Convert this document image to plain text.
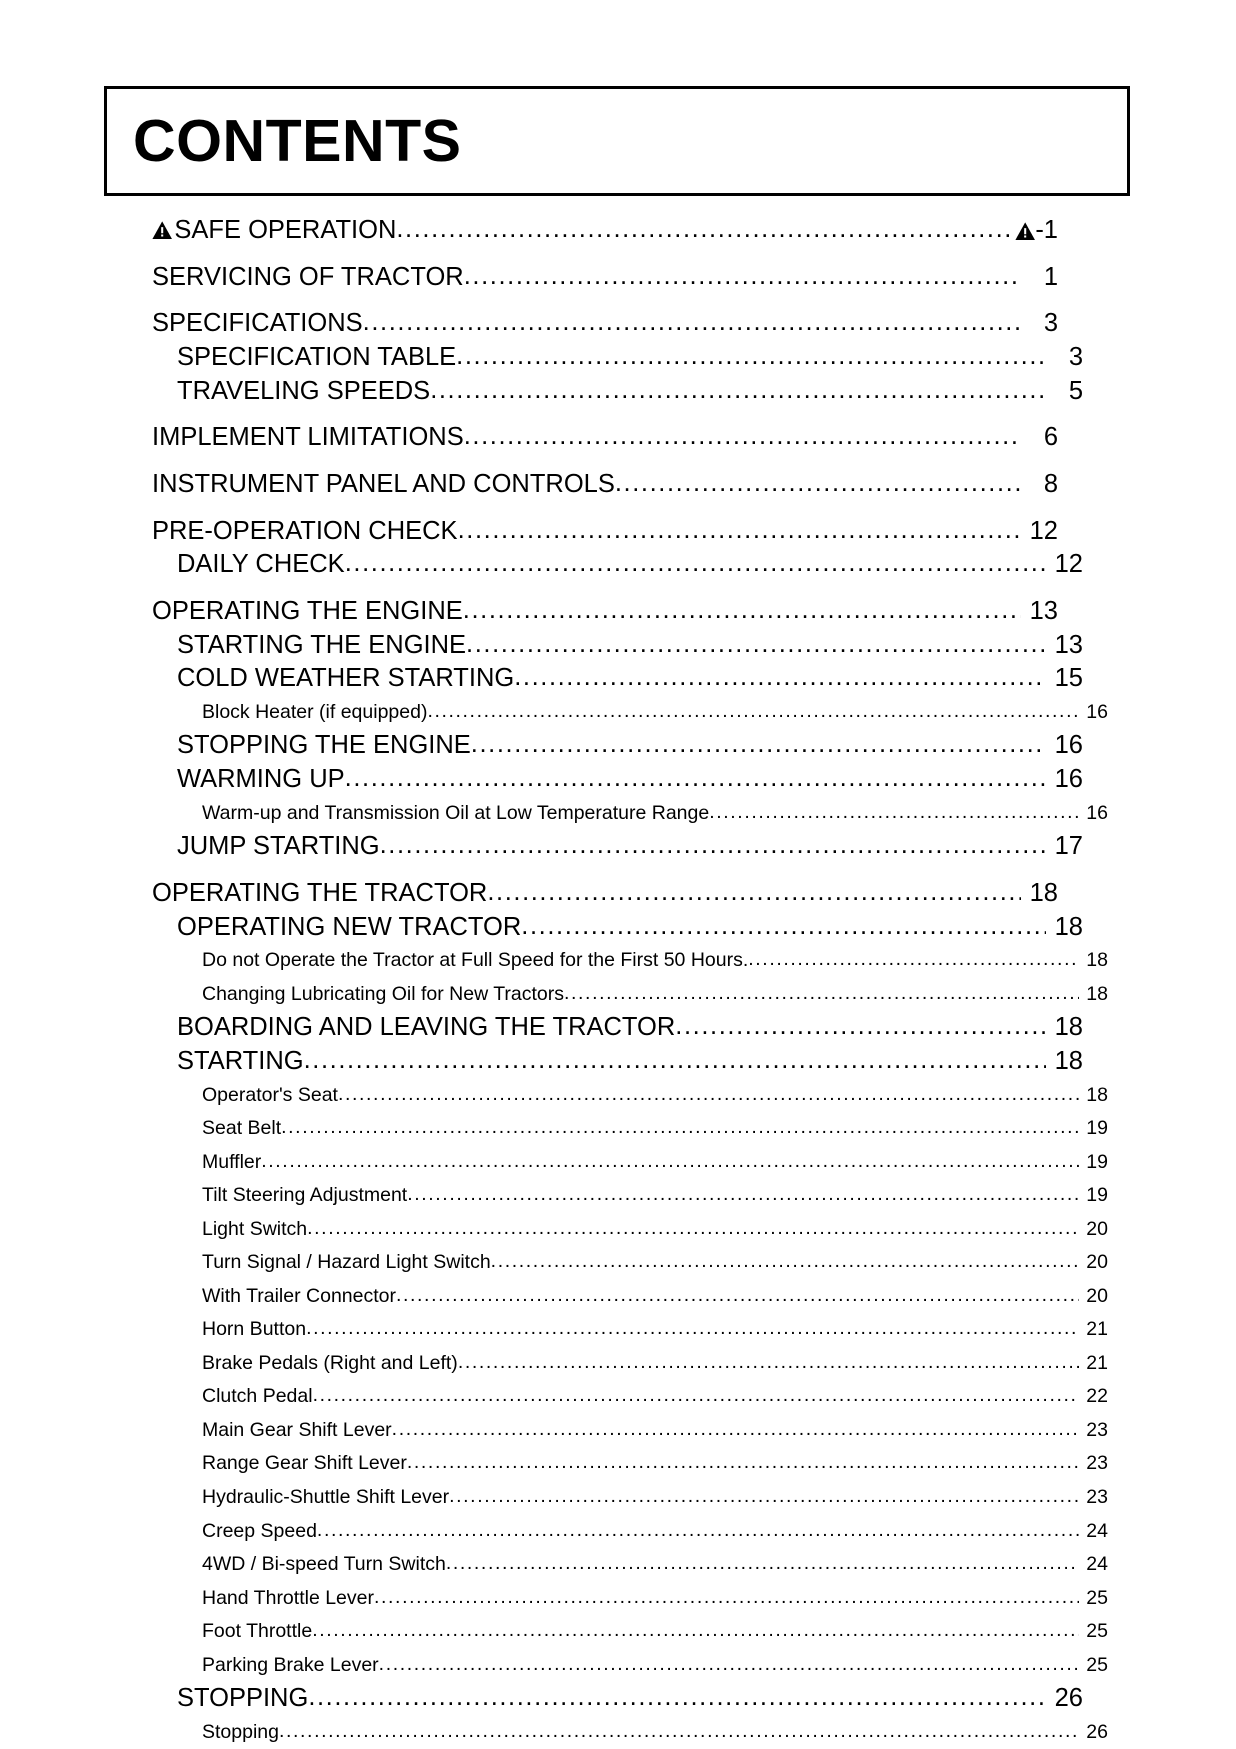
CONTENTS
SAFE OPERATION .....	-1
SERVICING OF TRACTOR .....	1
SPECIFICATIONS .....	3
SPECIFICATION TABLE .....	3
TRAVELING SPEEDS .....	5
IMPLEMENT LIMITATIONS .....	6
INSTRUMENT PANEL AND CONTROLS .....	8
PRE-OPERATION CHECK .....	12
DAILY CHECK .....	12
OPERATING THE ENGINE .....	13
STARTING THE ENGINE .....	13
COLD WEATHER STARTING .....	15
Block Heater (if equipped) .....	16
STOPPING THE ENGINE .....	16
WARMING UP .....	16
Warm-up and Transmission Oil at Low Temperature Range .....	16
JUMP STARTING .....	17
OPERATING THE TRACTOR .....	18
OPERATING NEW TRACTOR .....	18
Do not Operate the Tractor at Full Speed for the First 50 Hours. .....	18
Changing Lubricating Oil for New Tractors .....	18
BOARDING AND LEAVING THE TRACTOR .....	18
STARTING .....	18
Operator's Seat .....	18
Seat Belt .....	19
Muffler .....	19
Tilt Steering Adjustment .....	19
Light Switch .....	20
Turn Signal / Hazard Light Switch .....	20
With Trailer Connector .....	20
Horn Button .....	21
Brake Pedals (Right and Left) .....	21
Clutch Pedal .....	22
Main Gear Shift Lever .....	23
Range Gear Shift Lever .....	23
Hydraulic-Shuttle Shift Lever .....	23
Creep Speed .....	24
4WD / Bi-speed Turn Switch .....	24
Hand Throttle Lever .....	25
Foot Throttle .....	25
Parking Brake Lever .....	25
STOPPING .....	26
Stopping .....	26
